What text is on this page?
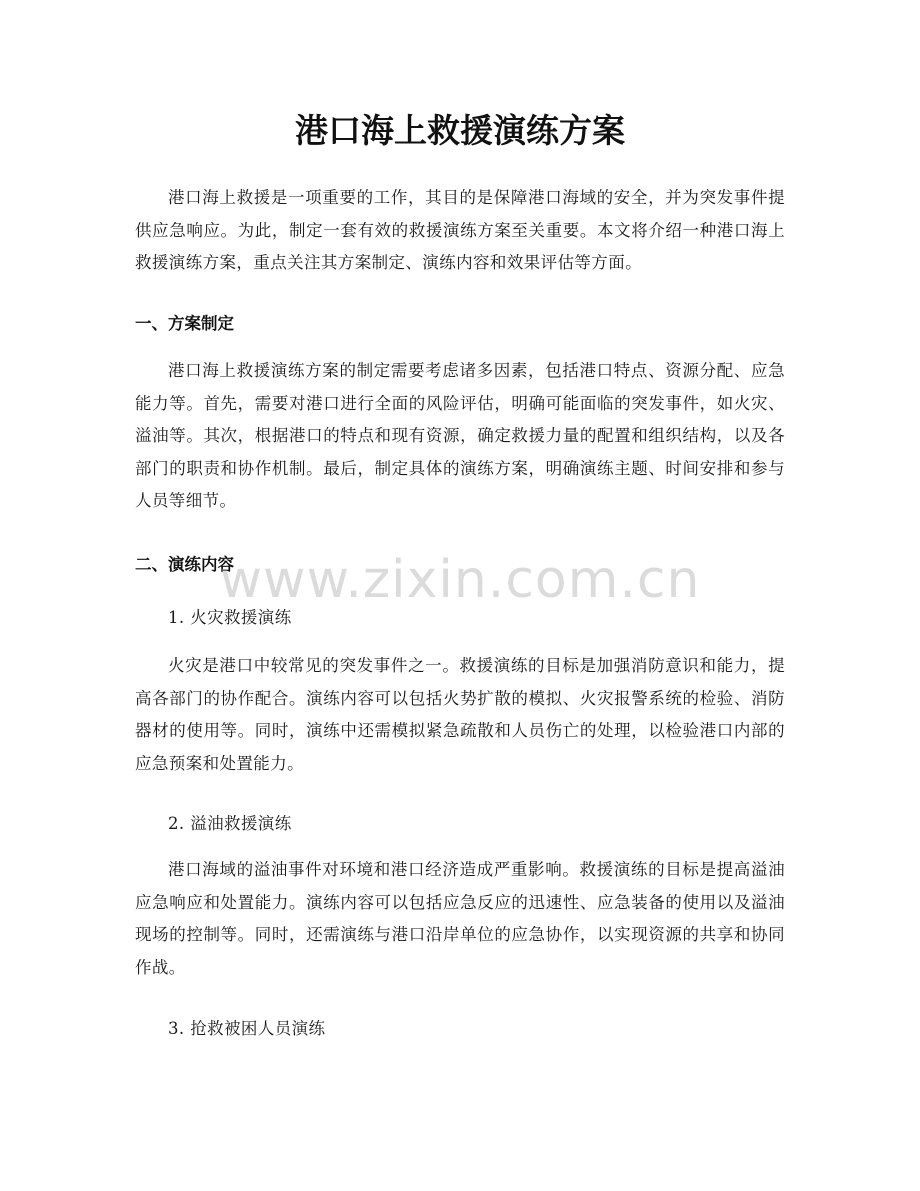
港口海上救援演练方案

港口海上救援是一项重要的工作，其目的是保障港口海域的安全，并为突发事件提供应急响应。为此，制定一套有效的救援演练方案至关重要。本文将介绍一种港口海上救援演练方案，重点关注其方案制定、演练内容和效果评估等方面。

一、方案制定

港口海上救援演练方案的制定需要考虑诸多因素，包括港口特点、资源分配、应急能力等。首先，需要对港口进行全面的风险评估，明确可能面临的突发事件，如火灾、溢油等。其次，根据港口的特点和现有资源，确定救援力量的配置和组织结构，以及各部门的职责和协作机制。最后，制定具体的演练方案，明确演练主题、时间安排和参与人员等细节。

二、演练内容

1. 火灾救援演练

火灾是港口中较常见的突发事件之一。救援演练的目标是加强消防意识和能力，提高各部门的协作配合。演练内容可以包括火势扩散的模拟、火灾报警系统的检验、消防器材的使用等。同时，演练中还需模拟紧急疏散和人员伤亡的处理，以检验港口内部的应急预案和处置能力。

2. 溢油救援演练

港口海域的溢油事件对环境和港口经济造成严重影响。救援演练的目标是提高溢油应急响应和处置能力。演练内容可以包括应急反应的迅速性、应急装备的使用以及溢油现场的控制等。同时，还需演练与港口沿岸单位的应急协作，以实现资源的共享和协同作战。

3. 抢救被困人员演练

www.zixin.com.cn
